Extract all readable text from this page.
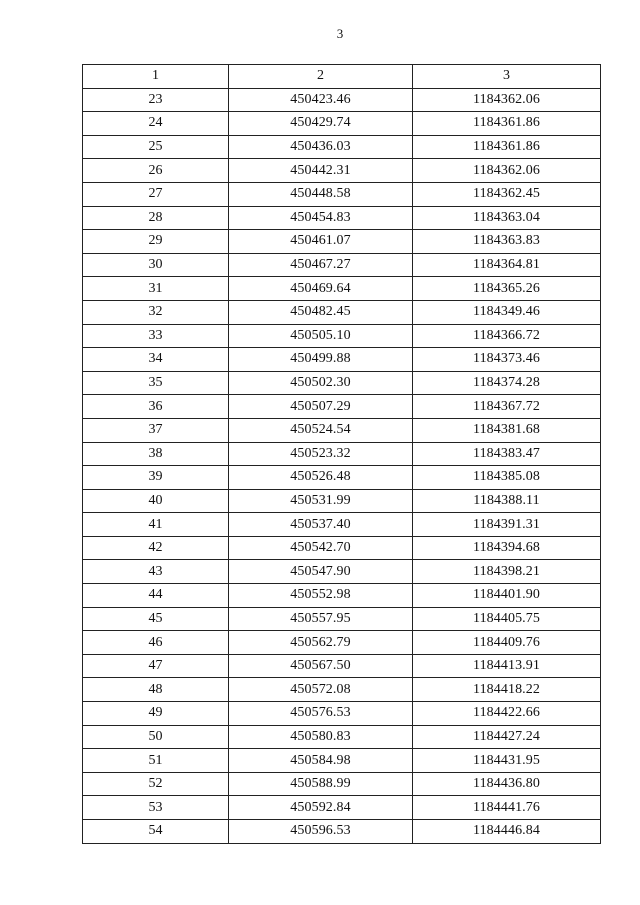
3
1	2	3
23	450423.46	1184362.06
24	450429.74	1184361.86
25	450436.03	1184361.86
26	450442.31	1184362.06
27	450448.58	1184362.45
28	450454.83	1184363.04
29	450461.07	1184363.83
30	450467.27	1184364.81
31	450469.64	1184365.26
32	450482.45	1184349.46
33	450505.10	1184366.72
34	450499.88	1184373.46
35	450502.30	1184374.28
36	450507.29	1184367.72
37	450524.54	1184381.68
38	450523.32	1184383.47
39	450526.48	1184385.08
40	450531.99	1184388.11
41	450537.40	1184391.31
42	450542.70	1184394.68
43	450547.90	1184398.21
44	450552.98	1184401.90
45	450557.95	1184405.75
46	450562.79	1184409.76
47	450567.50	1184413.91
48	450572.08	1184418.22
49	450576.53	1184422.66
50	450580.83	1184427.24
51	450584.98	1184431.95
52	450588.99	1184436.80
53	450592.84	1184441.76
54	450596.53	1184446.84
